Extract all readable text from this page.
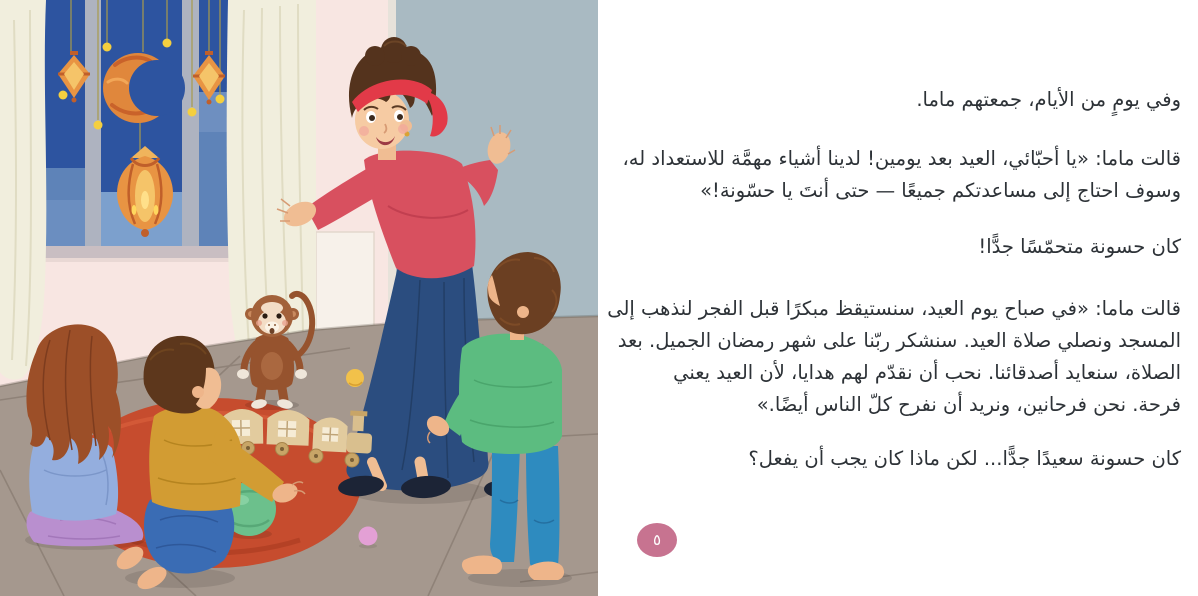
وفي يومٍ من الأيام، جمعتهم ماما.
قالت ماما: «يا أحبّائي، العيد بعد يومين! لدينا أشياء مهمَّة للاستعداد له،
وسوف احتاج إلى مساعدتكم جميعًا — حتى أنتَ يا حسّونة!»
كان حسونة متحمّسًا جدًّا!
قالت ماما: «في صباح يوم العيد، سنستيقظ مبكرًا قبل الفجر لنذهب إلى
المسجد ونصلي صلاة العيد. سنشكر ربّنا على شهر رمضان الجميل. بعد
الصلاة، سنعايد أصدقائنا. نحب أن نقدّم لهم هدايا، لأن العيد يعني
فرحة. نحن فرحانين، ونريد أن نفرح كلّ الناس أيضًا.»
كان حسونة سعيدًا جدًّا... لكن ماذا كان يجب أن يفعل؟
٥
